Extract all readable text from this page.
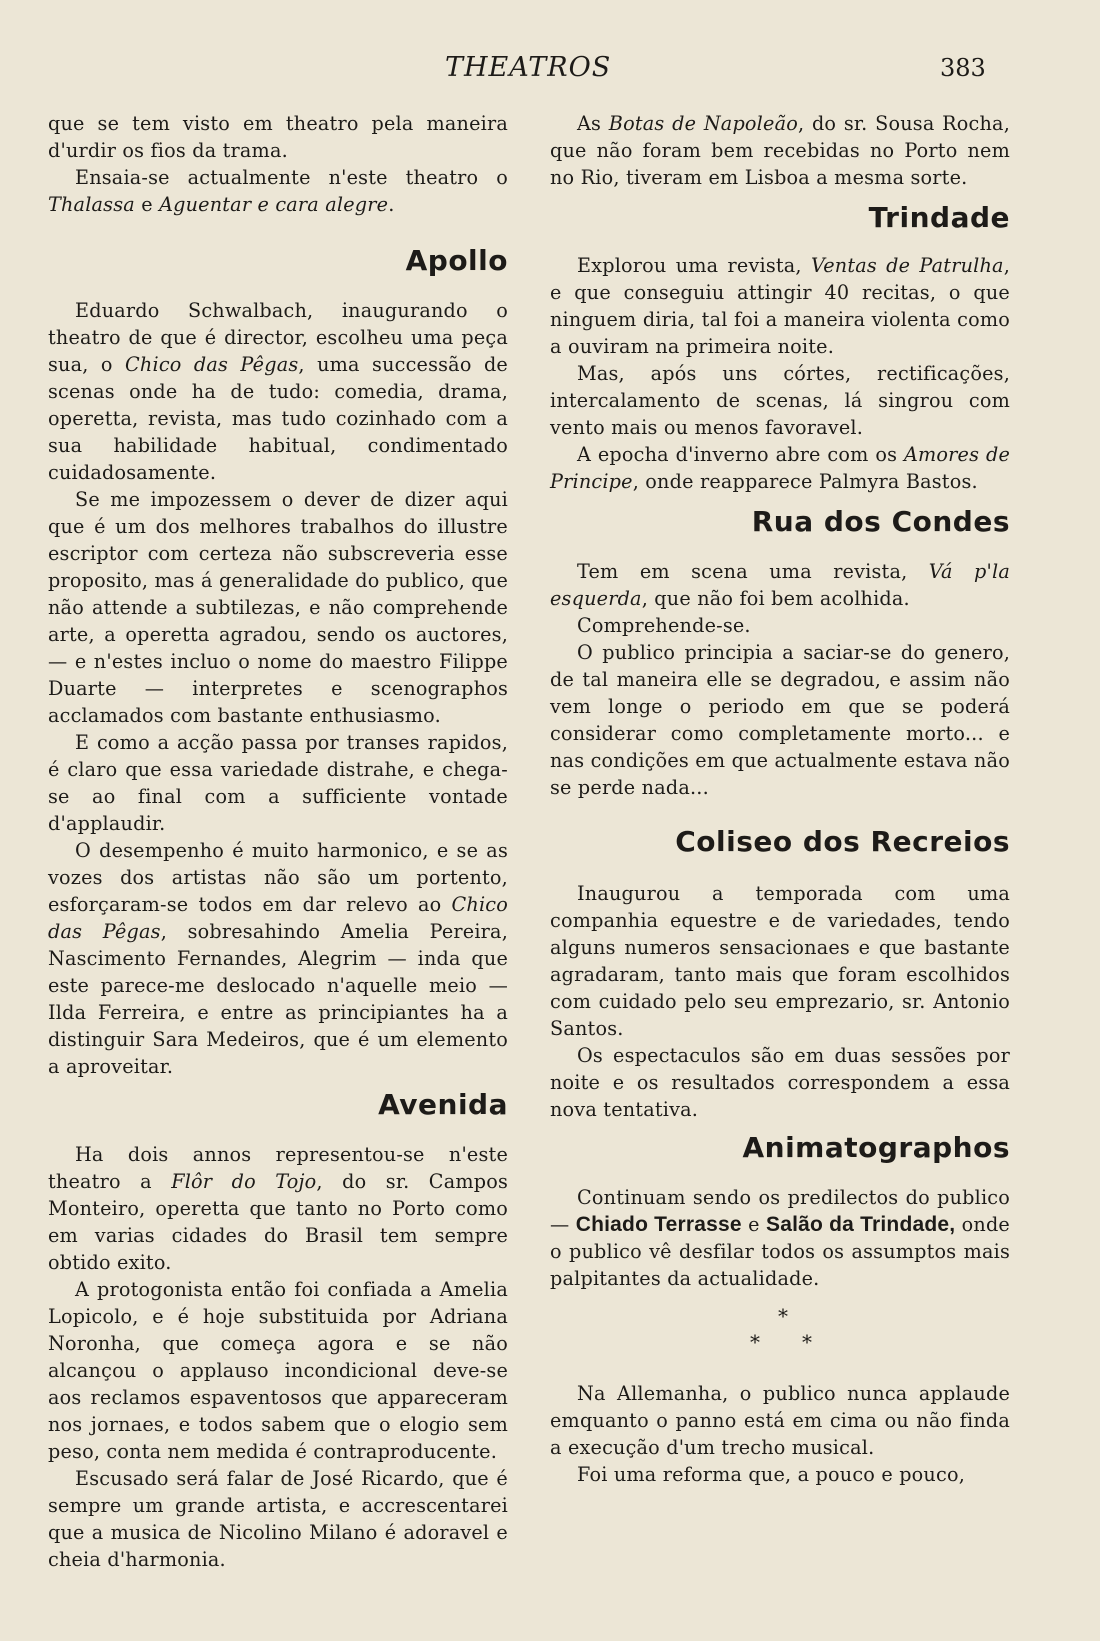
THEATROS	383

que se tem visto em theatro pela maneira d'urdir os fios da trama.

Ensaia-se actualmente n'este theatro o Thalassa e Aguentar e cara alegre.

Apollo

Eduardo Schwalbach, inaugurando o theatro de que é director, escolheu uma peça sua, o Chico das Pêgas, uma successão de scenas onde ha de tudo: comedia, drama, operetta, revista, mas tudo cozinhado com a sua habilidade habitual, condimentado cuidadosamente.

Se me impozessem o dever de dizer aqui que é um dos melhores trabalhos do illustre escriptor com certeza não subscreveria esse proposito, mas á generalidade do publico, que não attende a subtilezas, e não comprehende arte, a operetta agradou, sendo os auctores, — e n'estes incluo o nome do maestro Filippe Duarte — interpretes e scenographos acclamados com bastante enthusiasmo.

E como a acção passa por transes rapidos, é claro que essa variedade distrahe, e chega-se ao final com a sufficiente vontade d'applaudir.

O desempenho é muito harmonico, e se as vozes dos artistas não são um portento, esforçaram-se todos em dar relevo ao Chico das Pêgas, sobresahindo Amelia Pereira, Nascimento Fernandes, Alegrim — inda que este parece-me deslocado n'aquelle meio — Ilda Ferreira, e entre as principiantes ha a distinguir Sara Medeiros, que é um elemento a aproveitar.

Avenida

Ha dois annos representou-se n'este theatro a Flôr do Tojo, do sr. Campos Monteiro, operetta que tanto no Porto como em varias cidades do Brasil tem sempre obtido exito.

A protogonista então foi confiada a Amelia Lopicolo, e é hoje substituida por Adriana Noronha, que começa agora e se não alcançou o applauso incondicional deve-se aos reclamos espaventosos que appareceram nos jornaes, e todos sabem que o elogio sem peso, conta nem medida é contraproducente.

Escusado será falar de José Ricardo, que é sempre um grande artista, e accrescentarei que a musica de Nicolino Milano é adoravel e cheia d'harmonia.

As Botas de Napoleão, do sr. Sousa Rocha, que não foram bem recebidas no Porto nem no Rio, tiveram em Lisboa a mesma sorte.

Trindade

Explorou uma revista, Ventas de Patrulha, e que conseguiu attingir 40 recitas, o que ninguem diria, tal foi a maneira violenta como a ouviram na primeira noite.

Mas, após uns córtes, rectificações, intercalamento de scenas, lá singrou com vento mais ou menos favoravel.

A epocha d'inverno abre com os Amores de Principe, onde reapparece Palmyra Bastos.

Rua dos Condes

Tem em scena uma revista, Vá p'la esquerda, que não foi bem acolhida.

Comprehende-se.

O publico principia a saciar-se do genero, de tal maneira elle se degradou, e assim não vem longe o periodo em que se poderá considerar como completamente morto... e nas condições em que actualmente estava não se perde nada...

Coliseo dos Recreios

Inaugurou a temporada com uma companhia equestre e de variedades, tendo alguns numeros sensacionaes e que bastante agradaram, tanto mais que foram escolhidos com cuidado pelo seu emprezario, sr. Antonio Santos.

Os espectaculos são em duas sessões por noite e os resultados correspondem a essa nova tentativa.

Animatographos

Continuam sendo os predilectos do publico — Chiado Terrasse e Salão da Trindade, onde o publico vê desfilar todos os assumptos mais palpitantes da actualidade.

*
* *

Na Allemanha, o publico nunca applaude emquanto o panno está em cima ou não finda a execução d'um trecho musical.

Foi uma reforma que, a pouco e pouco,
